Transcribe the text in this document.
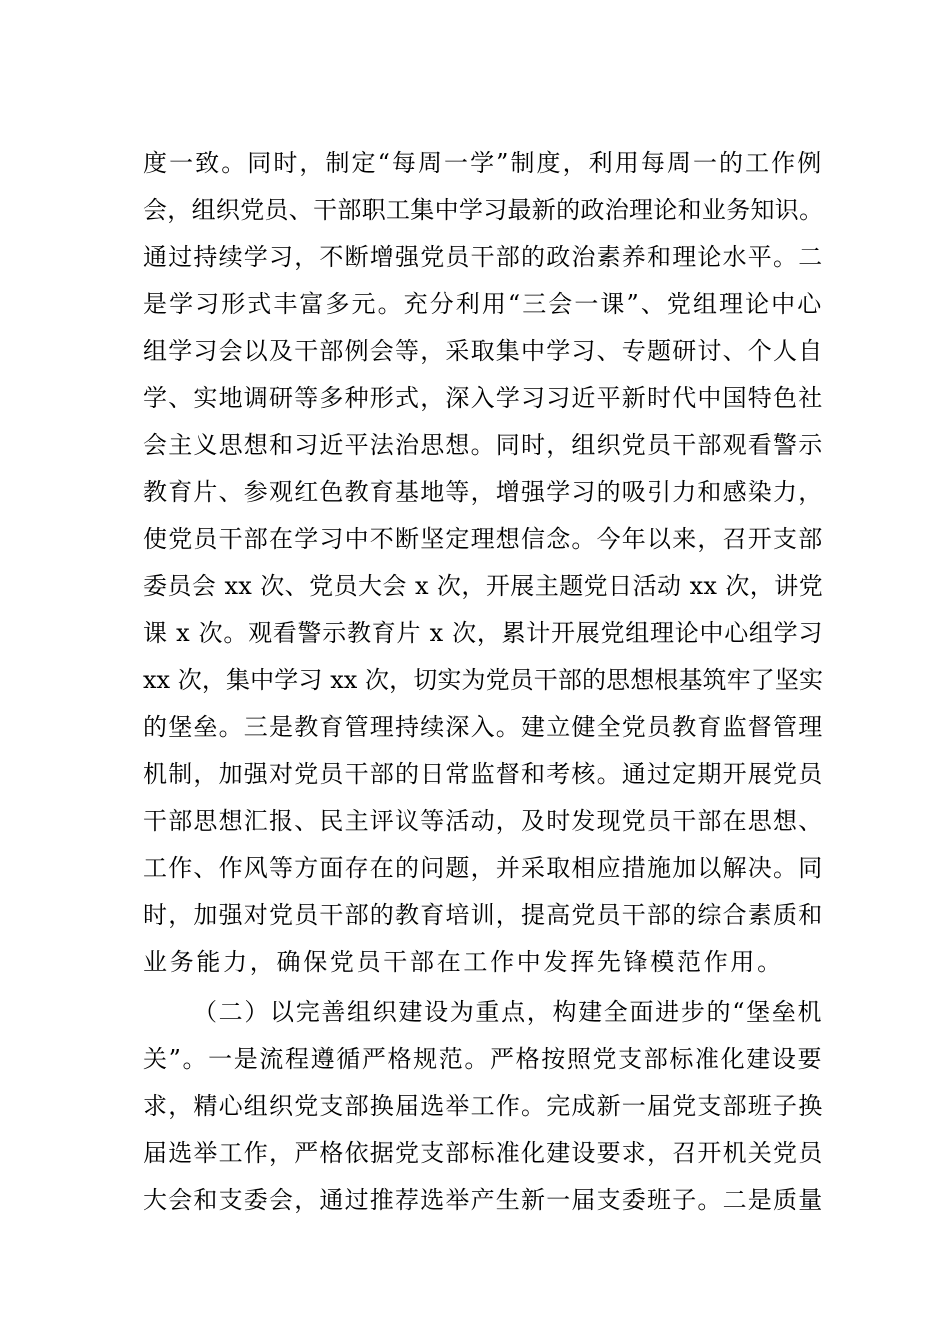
度一致。同时，制定“每周一学”制度，利用每周一的工作例
会，组织党员、干部职工集中学习最新的政治理论和业务知识。
通过持续学习，不断增强党员干部的政治素养和理论水平。二
是学习形式丰富多元。充分利用“三会一课”、党组理论中心
组学习会以及干部例会等，采取集中学习、专题研讨、个人自
学、实地调研等多种形式，深入学习习近平新时代中国特色社
会主义思想和习近平法治思想。同时，组织党员干部观看警示
教育片、参观红色教育基地等，增强学习的吸引力和感染力，
使党员干部在学习中不断坚定理想信念。今年以来，召开支部
委员会 xx 次、党员大会 x 次，开展主题党日活动 xx 次，讲党
课 x 次。观看警示教育片 x 次，累计开展党组理论中心组学习
xx 次，集中学习 xx 次，切实为党员干部的思想根基筑牢了坚实
的堡垒。三是教育管理持续深入。建立健全党员教育监督管理
机制，加强对党员干部的日常监督和考核。通过定期开展党员
干部思想汇报、民主评议等活动，及时发现党员干部在思想、
工作、作风等方面存在的问题，并采取相应措施加以解决。同
时，加强对党员干部的教育培训，提高党员干部的综合素质和
业务能力，确保党员干部在工作中发挥先锋模范作用。
（二）以完善组织建设为重点，构建全面进步的“堡垒机
关”。一是流程遵循严格规范。严格按照党支部标准化建设要
求，精心组织党支部换届选举工作。完成新一届党支部班子换
届选举工作，严格依据党支部标准化建设要求，召开机关党员
大会和支委会，通过推荐选举产生新一届支委班子。二是质量
